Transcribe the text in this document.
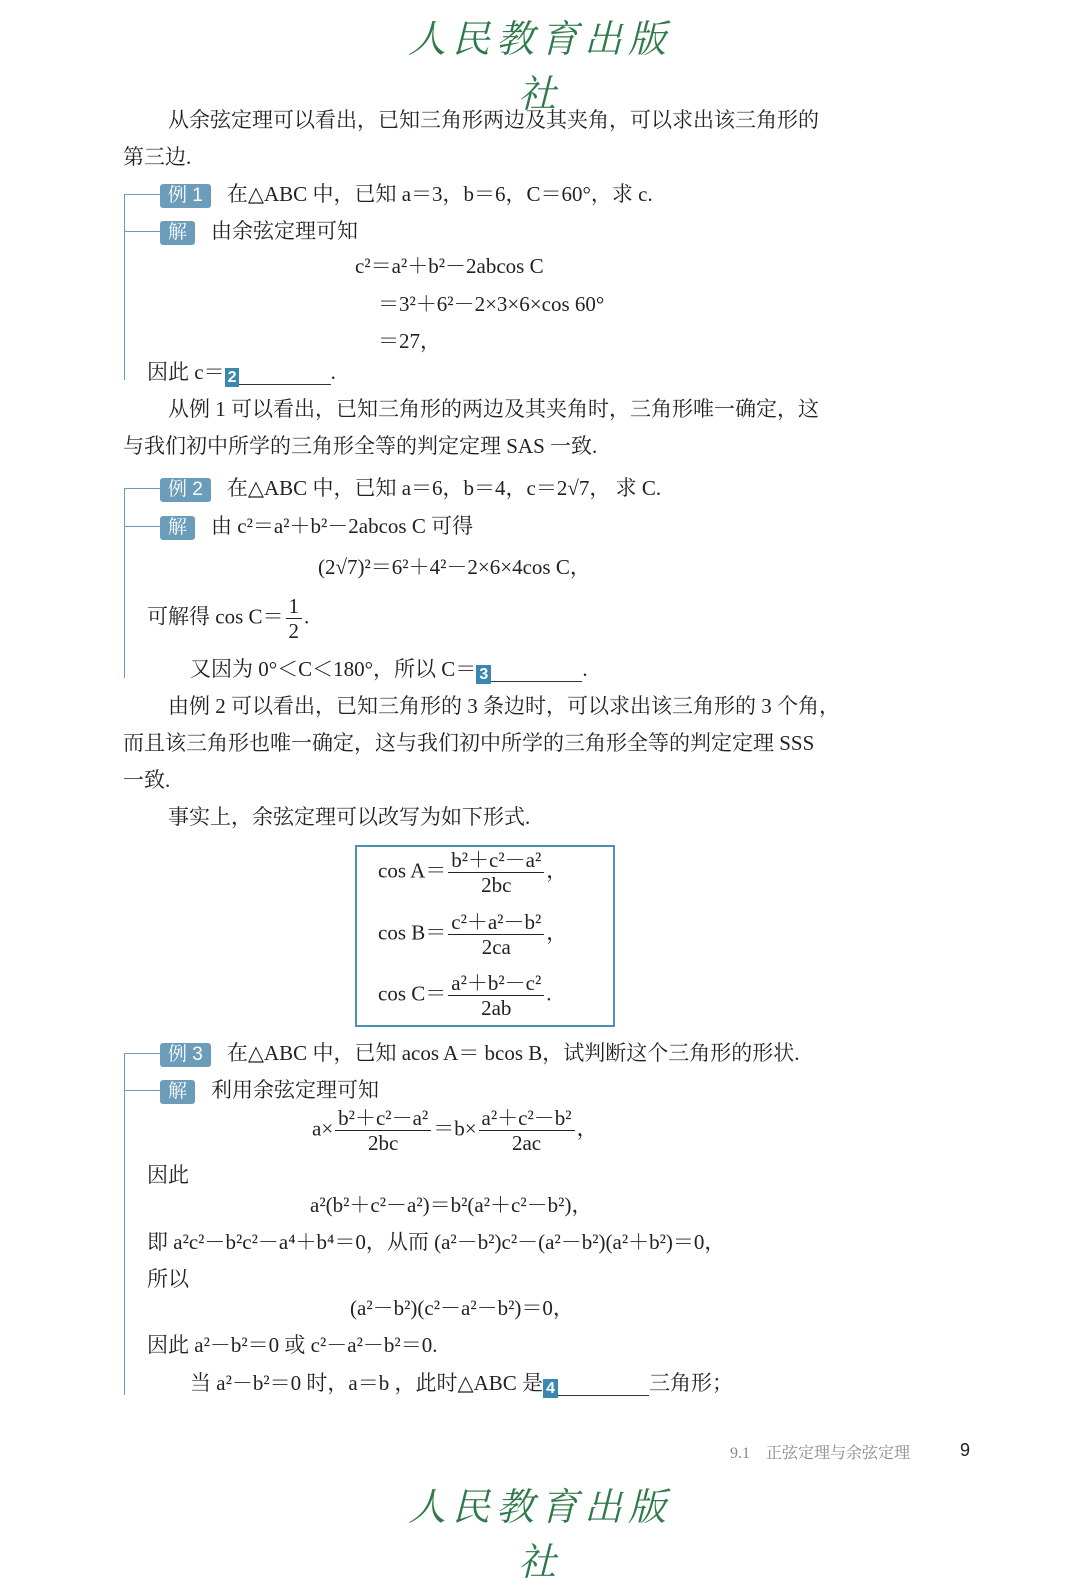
人民教育出版社
从余弦定理可以看出，已知三角形两边及其夹角，可以求出该三角形的
第三边.
例 1 在△ABC 中，已知 a＝3，b＝6，C＝60°，求 c.
解 由余弦定理可知
c²＝a²＋b²－2abcos C
＝3²＋6²－2×3×6×cos 60°
＝27，
因此 c＝ 2	.
从例 1 可以看出，已知三角形的两边及其夹角时，三角形唯一确定，这
与我们初中所学的三角形全等的判定定理 SAS 一致.
例 2 在△ABC 中，已知 a＝6，b＝4，c＝2√7， 求 C.
解 由 c²＝a²＋b²－2abcos C 可得
(2√7)²＝6²＋4²－2×6×4cos C，
可解得 $\cos C= \frac{1}{2}$ .
又因为 0°＜C＜180°，所以 C＝ 3	.
由例 2 可以看出，已知三角形的 3 条边时，可以求出该三角形的 3 个角，
而且该三角形也唯一确定，这与我们初中所学的三角形全等的判定定理 SSS
一致.
事实上，余弦定理可以改写为如下形式.
$\cos A= \frac{\text{b²＋c²－a²}}{2bc}$ ，
$\cos B= \frac{\text{c²＋a²－b²}}{2ca}$ ，
$\cos C= \frac{\text{a²＋b²－c²}}{2ab}$ .
例 3 在△ABC 中，已知 acos A＝ bcos B，试判断这个三角形的形状.
解 利用余弦定理可知
$a\times \frac{\text{b²＋c²－a²}}{2bc} =b\times \frac{\text{a²＋c²－b²}}{2ac}$ ，
因此
a²(b²＋c²－a²)＝b²(a²＋c²－b²)，
即 a²c²－b²c²－a⁴＋b⁴＝0，从而 (a²－b²)c²－(a²－b²)(a²＋b²)＝0，
所以
(a²－b²)(c²－a²－b²)＝0，
因此 a²－b²＝0 或 c²－a²－b²＝0.
当 a²－b²＝0 时，a＝b ，此时△ABC 是 4	三角形；
9.1　正弦定理与余弦定理	9
人民教育出版社
